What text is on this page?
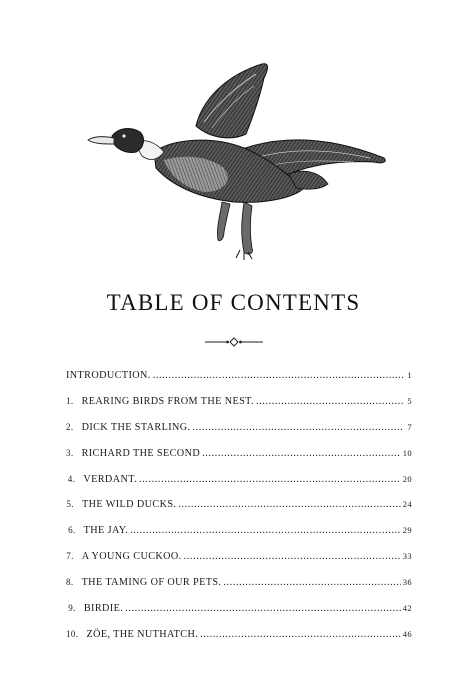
TABLE OF CONTENTS
INTRODUCTION. .....	1
1. REARING BIRDS FROM THE NEST. .....	5
2. DICK THE STARLING. .....	7
3. RICHARD THE SECOND .....	10
4. VERDANT. .....	20
5. THE WILD DUCKS. .....	24
6. THE JAY. .....	29
7. A YOUNG CUCKOO. .....	33
8. THE TAMING OF OUR PETS. .....	36
9. BIRDIE. .....	42
10. ZÖE, THE NUTHATCH. .....	46
